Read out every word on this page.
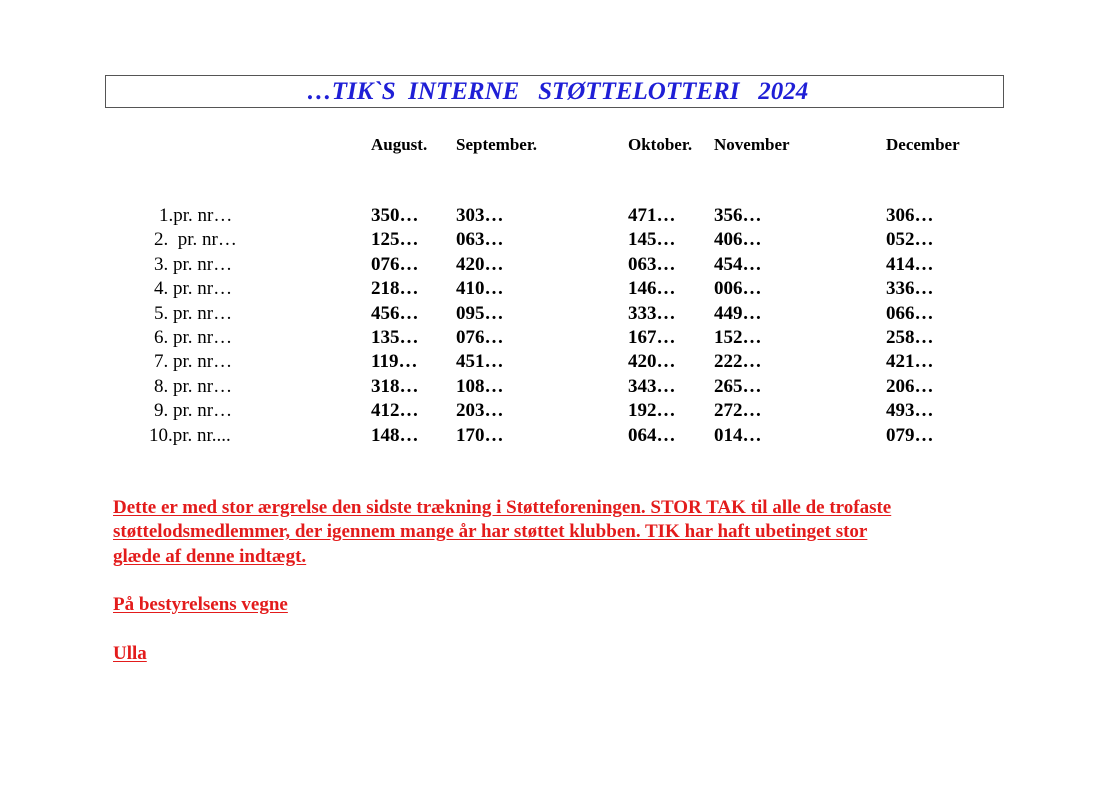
…TIK`S  INTERNE   STØTTELOTTERI   2024
August. September.	Oktober. November	December
1.pr. nr…	350… 303…	471… 356…	306…
2.  pr. nr…	125… 063…	145… 406…	052…
3. pr. nr…	076… 420…	063… 454…	414…
4. pr. nr…	218… 410…	146… 006…	336…
5. pr. nr…	456… 095…	333… 449…	066…
6. pr. nr…	135… 076…	167… 152…	258…
7. pr. nr…	119… 451…	420… 222…	421…
8. pr. nr…	318… 108…	343… 265…	206…
9. pr. nr…	412… 203…	192… 272…	493…
10.pr. nr....	148… 170…	064… 014…	079…
Dette er med stor ærgrelse den sidste trækning i Støtteforeningen. STOR TAK til alle de trofaste
støttelodsmedlemmer, der igennem mange år har støttet klubben. TIK har haft ubetinget stor
glæde af denne indtægt.
På bestyrelsens vegne
Ulla
